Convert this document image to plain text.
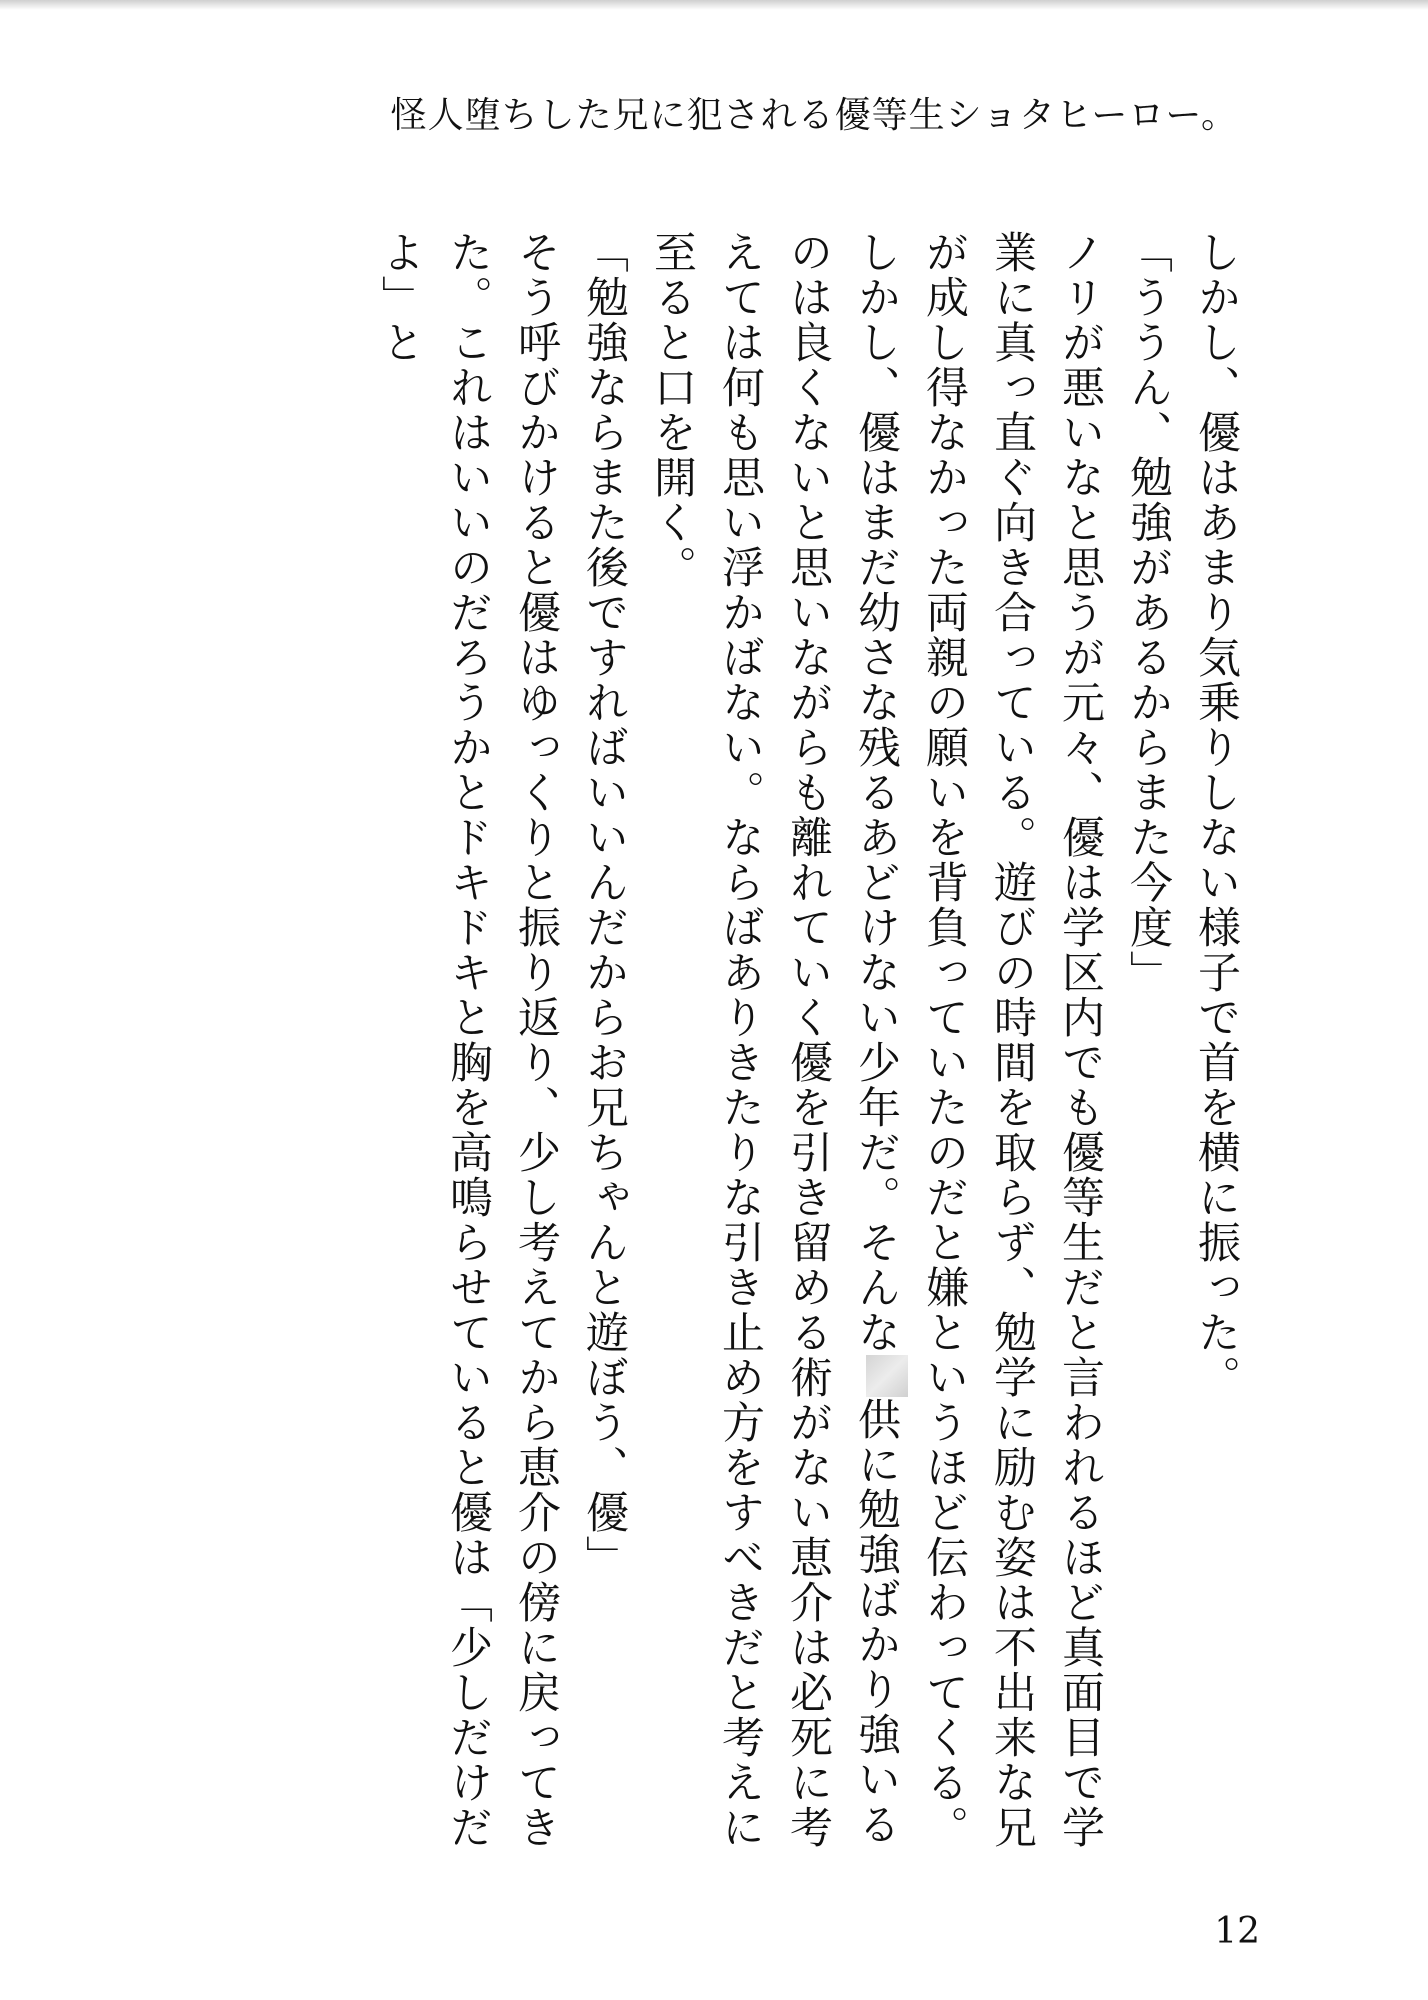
怪人堕ちした兄に犯される優等生ショタヒーロー。

しかし、優はあまり気乗りしない様子で首を横に振った。

「ううん、勉強があるからまた今度」

ノリが悪いなと思うが元々、優は学区内でも優等生だと言われるほど真面目で学業に真っ直ぐ向き合っている。遊びの時間を取らず、勉学に励む姿は不出来な兄が成し得なかった両親の願いを背負っていたのだと嫌というほど伝わってくる。

しかし、優はまだ幼さな残るあどけない少年だ。そんな供に勉強ばかり強いるのは良くないと思いながらも離れていく優を引き留める術がない恵介は必死に考えては何も思い浮かばない。ならばありきたりな引き止め方をすべきだと考えに至ると口を開く。

「勉強ならまた後ですればいいんだからお兄ちゃんと遊ぼう、優」

そう呼びかけると優はゆっくりと振り返り、少し考えてから恵介の傍に戻ってきた。これはいいのだろうかとドキドキと胸を高鳴らせていると優は「少しだけだよ」と

12
